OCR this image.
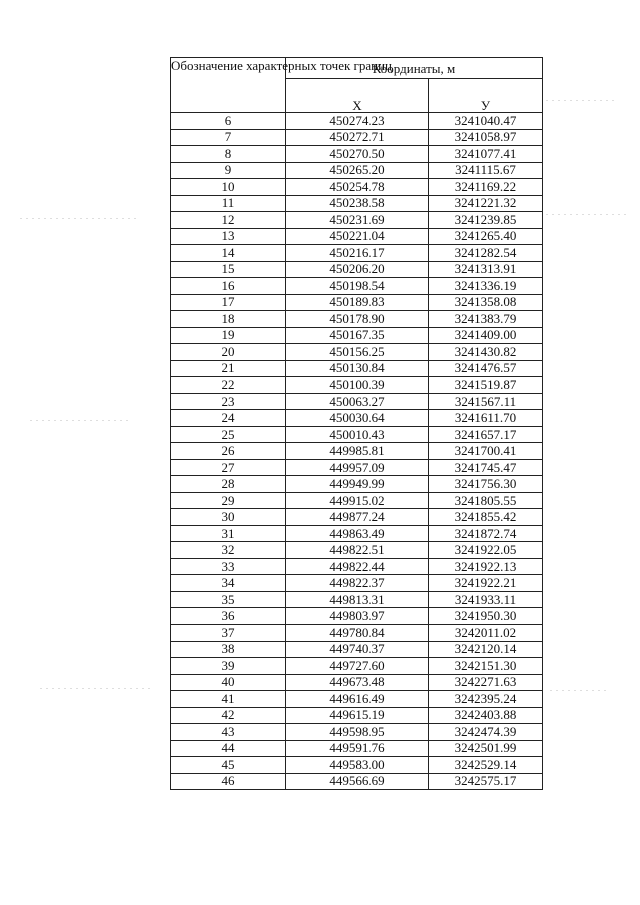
Обозначение характерных точек границ	Координаты, м	
	X	У
6	450274.23	3241040.47
7	450272.71	3241058.97
8	450270.50	3241077.41
9	450265.20	3241115.67
10	450254.78	3241169.22
11	450238.58	3241221.32
12	450231.69	3241239.85
13	450221.04	3241265.40
14	450216.17	3241282.54
15	450206.20	3241313.91
16	450198.54	3241336.19
17	450189.83	3241358.08
18	450178.90	3241383.79
19	450167.35	3241409.00
20	450156.25	3241430.82
21	450130.84	3241476.57
22	450100.39	3241519.87
23	450063.27	3241567.11
24	450030.64	3241611.70
25	450010.43	3241657.17
26	449985.81	3241700.41
27	449957.09	3241745.47
28	449949.99	3241756.30
29	449915.02	3241805.55
30	449877.24	3241855.42
31	449863.49	3241872.74
32	449822.51	3241922.05
33	449822.44	3241922.13
34	449822.37	3241922.21
35	449813.31	3241933.11
36	449803.97	3241950.30
37	449780.84	3242011.02
38	449740.37	3242120.14
39	449727.60	3242151.30
40	449673.48	3242271.63
41	449616.49	3242395.24
42	449615.19	3242403.88
43	449598.95	3242474.39
44	449591.76	3242501.99
45	449583.00	3242529.14
46	449566.69	3242575.17
